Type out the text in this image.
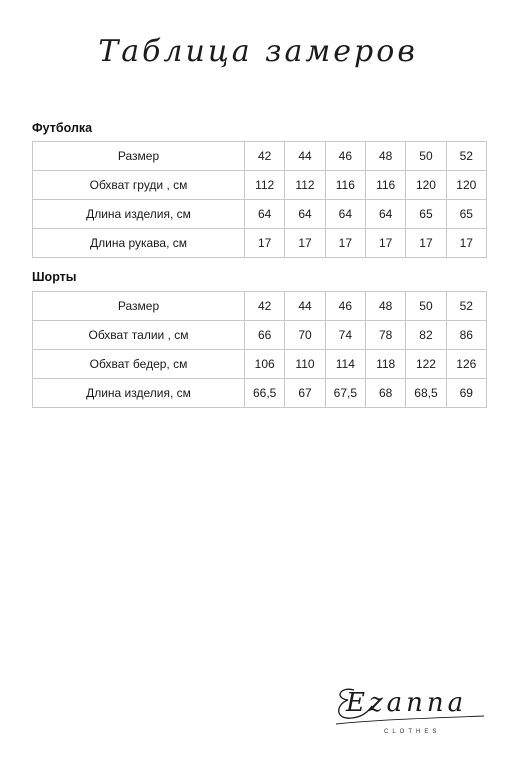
Таблица замеров
Футболка
Размер	42	44	46	48	50	52
Обхват груди , см	112	112	116	116	120	120
Длина изделия, см	64	64	64	64	65	65
Длина рукава, см	17	17	17	17	17	17
Шорты
Размер	42	44	46	48	50	52
Обхват талии , см	66	70	74	78	82	86
Обхват бедер, см	106	110	114	118	122	126
Длина изделия, см	66,5	67	67,5	68	68,5	69
Ezanna
CLOTHES
